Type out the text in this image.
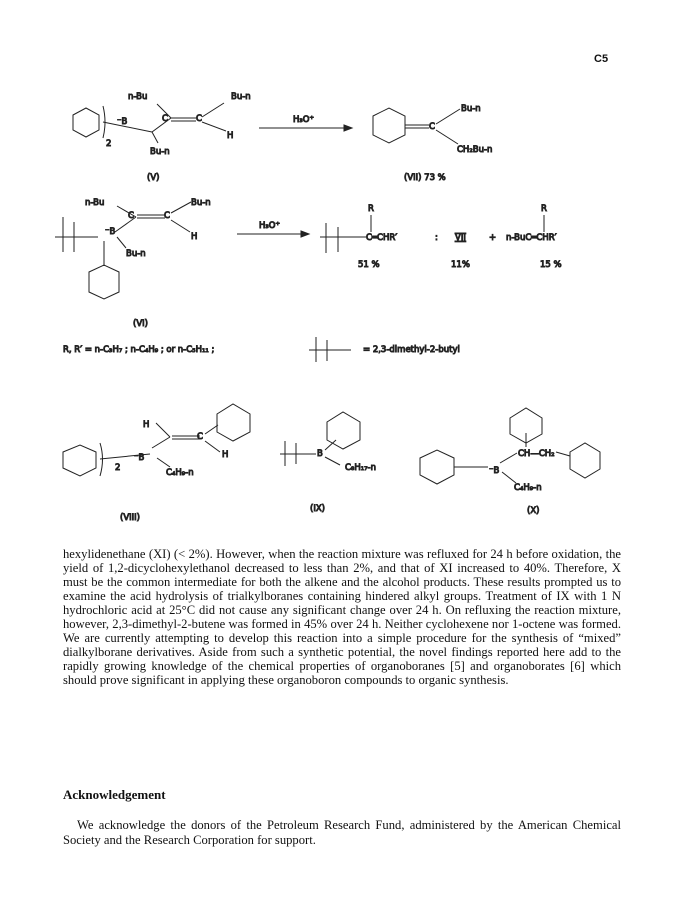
C5
2
⁻B
n-Bu
C	C
Bu-n
H
Bu-n
(V)
H₃O⁺
C
Bu-n
CH₂Bu-n
(VII) 73 %
⁻B
n-Bu
C	C
Bu-n
H
Bu-n
(VI)
H₃O⁺
R
C═CHR′	: VII	+
R
n-BuC═CHR′
51 %	11%	15 %
R, R′ = n-C₃H₇ ; n-C₄H₉ ; or n-C₅H₁₁ ;	= 2,3-dimethyl-2-butyl
2
⁻B
H
C
H
C₄H₉-n
(VIII)
B
C₈H₁₇-n
(IX)
⁻B
CH—CH₂
C₄H₉-n
(X)

hexylidenethane (XI) (< 2%). However, when the reaction mixture was refluxed for 24 h before oxidation, the yield of 1,2-dicyclohexylethanol decreased to less than 2%, and that of XI increased to 40%. Therefore, X must be the common intermediate for both the alkene and the alcohol products. These results prompted us to examine the acid hydrolysis of trialkylboranes containing hindered alkyl groups. Treatment of IX with 1 N hydrochloric acid at 25°C did not cause any significant change over 24 h. On refluxing the reaction mixture, however, 2,3-dimethyl-2-butene was formed in 45% over 24 h. Neither cyclohexene nor 1-octene was formed. We are currently attempting to develop this reaction into a simple procedure for the synthesis of “mixed” dialkylborane derivatives. Aside from such a synthetic potential, the novel findings reported here add to the rapidly growing knowledge of the chemical properties of organoboranes [5] and organoborates [6] which should prove significant in applying these organoboron compounds to organic synthesis.

Acknowledgement

We acknowledge the donors of the Petroleum Research Fund, administered by the American Chemical Society and the Research Corporation for support.
